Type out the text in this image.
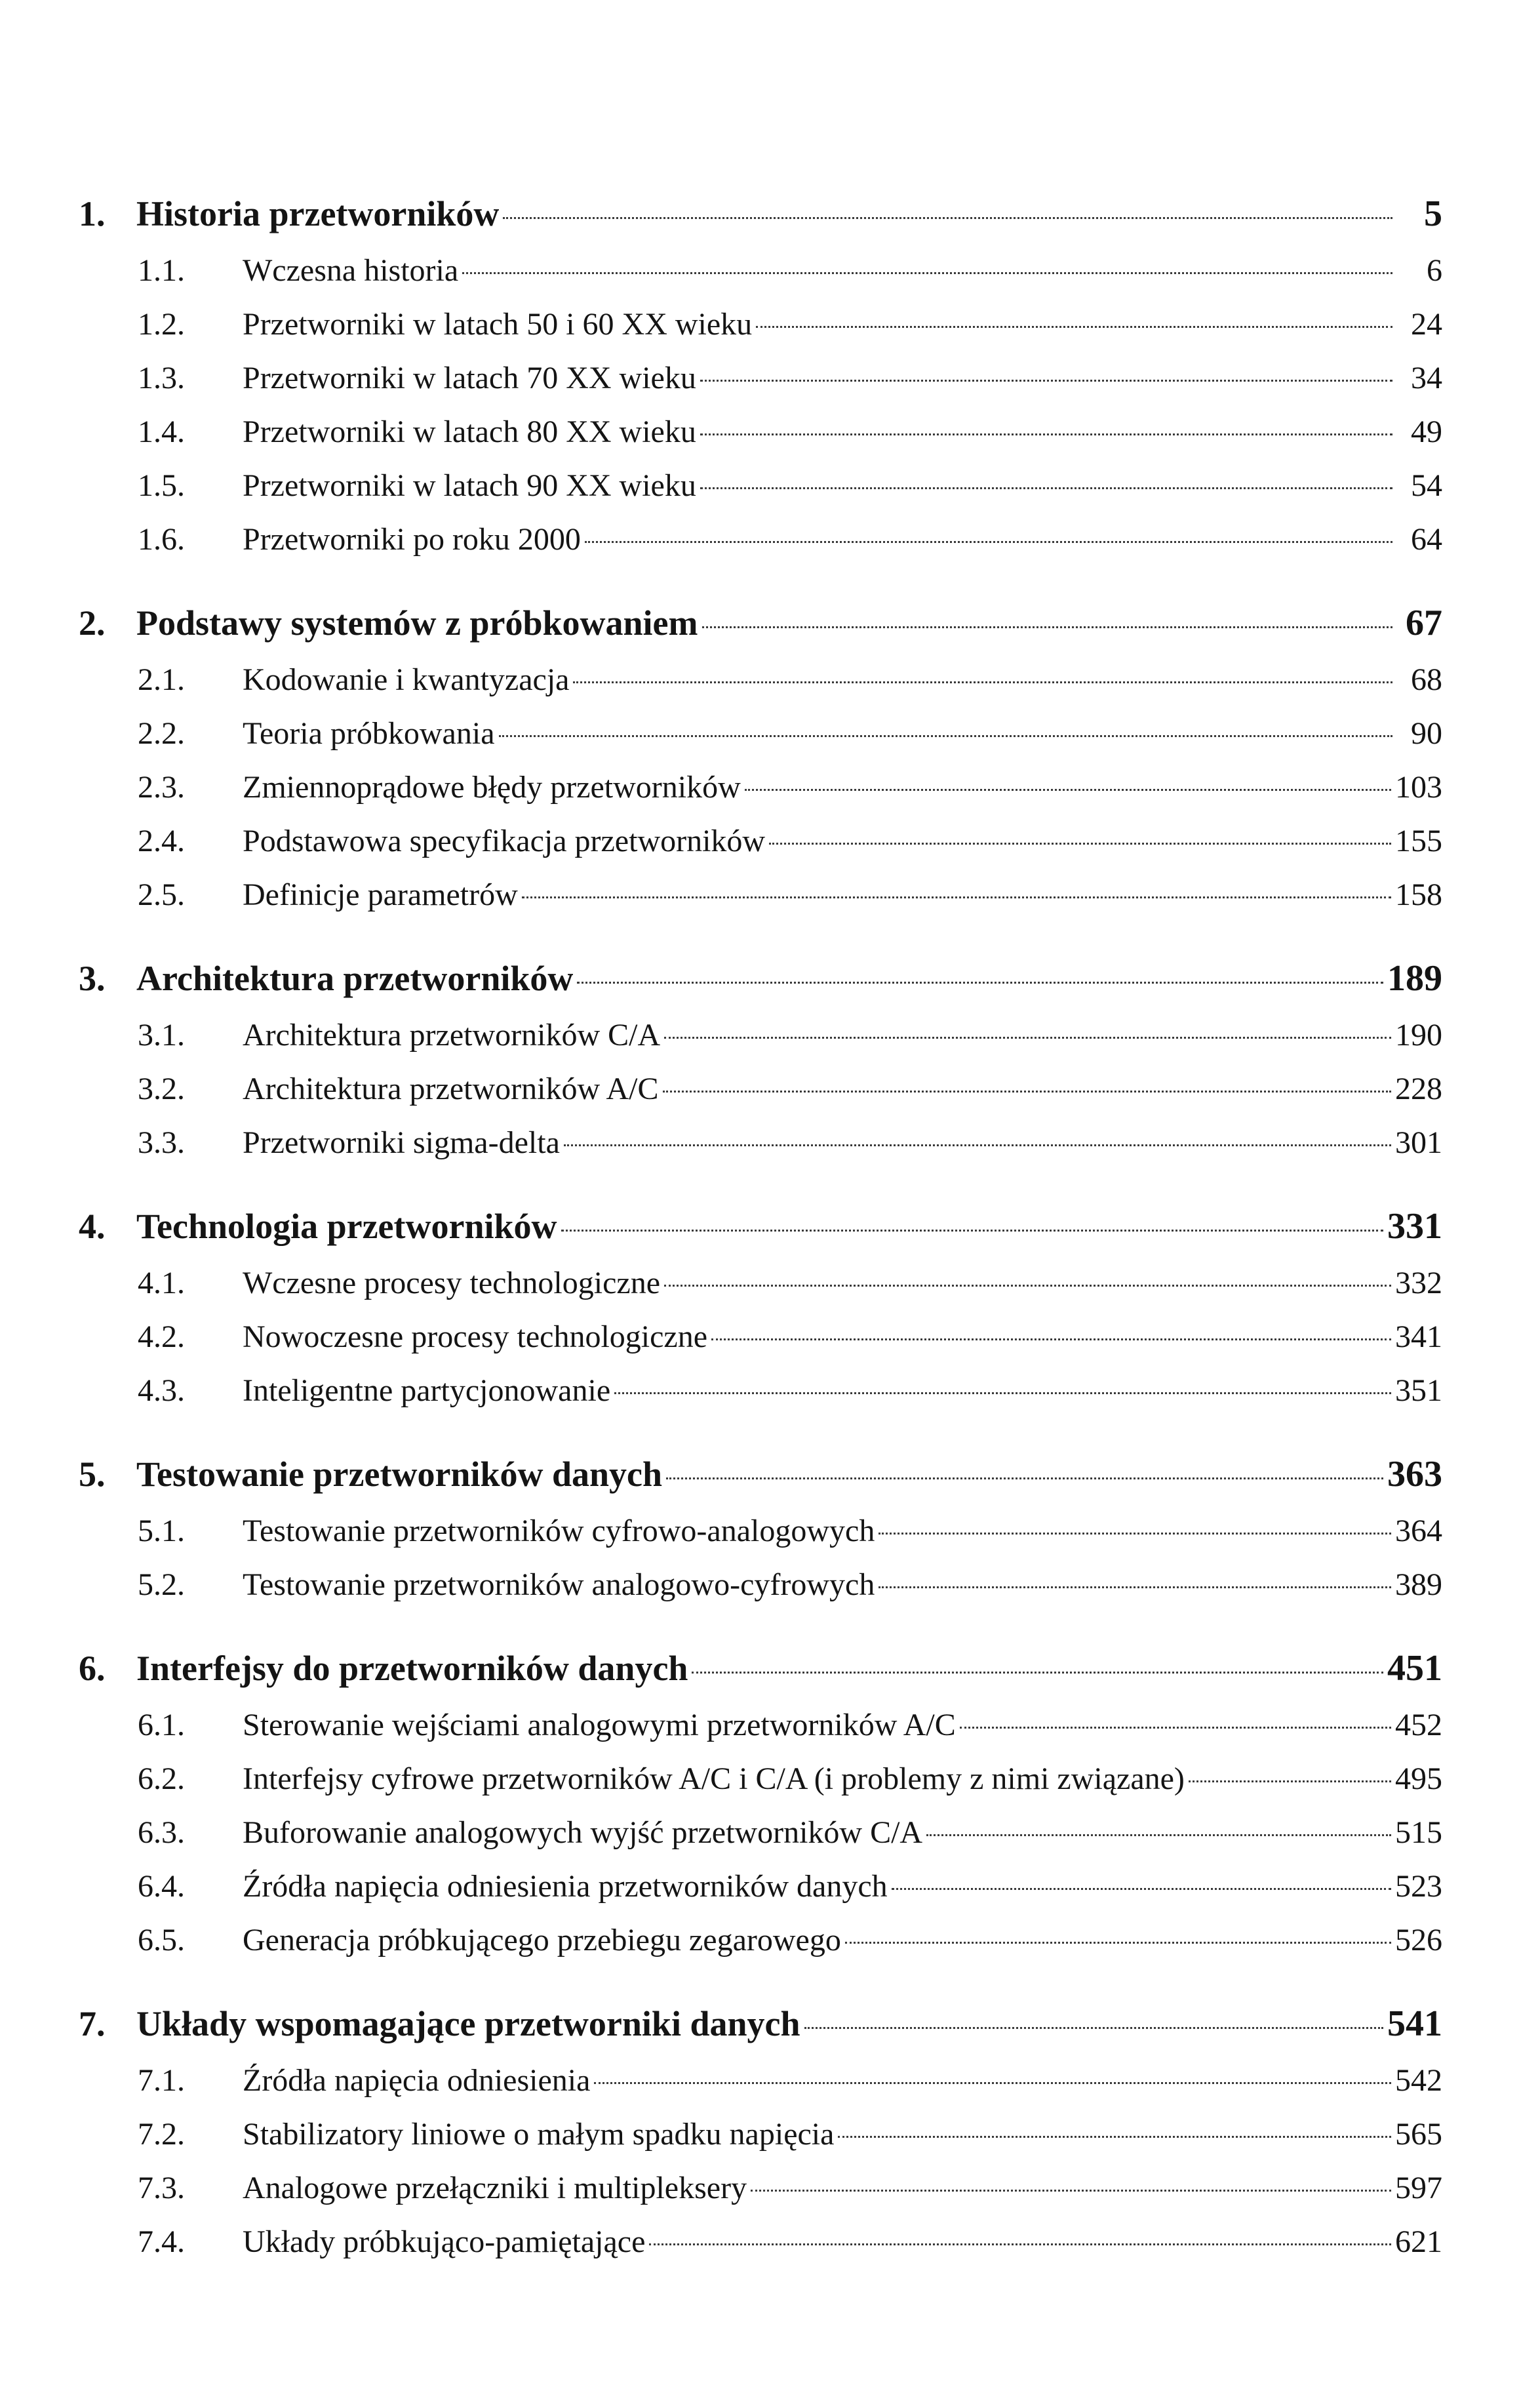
1. Historia przetworników	5
1.1.	Wczesna historia	6
1.2.	Przetworniki w latach 50 i 60 XX wieku	24
1.3.	Przetworniki w latach 70 XX wieku	34
1.4.	Przetworniki w latach 80 XX wieku	49
1.5.	Przetworniki w latach 90 XX wieku	54
1.6.	Przetworniki po roku 2000	64
2. Podstawy systemów z próbkowaniem	67
2.1.	Kodowanie i kwantyzacja	68
2.2.	Teoria próbkowania	90
2.3.	Zmiennoprądowe błędy przetworników	103
2.4.	Podstawowa specyfikacja przetworników	155
2.5.	Definicje parametrów	158
3. Architektura przetworników	189
3.1.	Architektura przetworników C/A	190
3.2.	Architektura przetworników A/C	228
3.3.	Przetworniki sigma-delta	301
4. Technologia przetworników	331
4.1.	Wczesne procesy technologiczne	332
4.2.	Nowoczesne procesy technologiczne	341
4.3.	Inteligentne partycjonowanie	351
5. Testowanie przetworników danych	363
5.1.	Testowanie przetworników cyfrowo-analogowych	364
5.2.	Testowanie przetworników analogowo-cyfrowych	389
6. Interfejsy do przetworników danych	451
6.1.	Sterowanie wejściami analogowymi przetworników A/C	452
6.2.	Interfejsy cyfrowe przetworników A/C i C/A (i problemy z nimi związane)	495
6.3.	Buforowanie analogowych wyjść przetworników C/A	515
6.4.	Źródła napięcia odniesienia przetworników danych	523
6.5.	Generacja próbkującego przebiegu zegarowego	526
7. Układy wspomagające przetworniki danych	541
7.1.	Źródła napięcia odniesienia	542
7.2.	Stabilizatory liniowe o małym spadku napięcia	565
7.3.	Analogowe przełączniki i multipleksery	597
7.4.	Układy próbkująco-pamiętające	621
